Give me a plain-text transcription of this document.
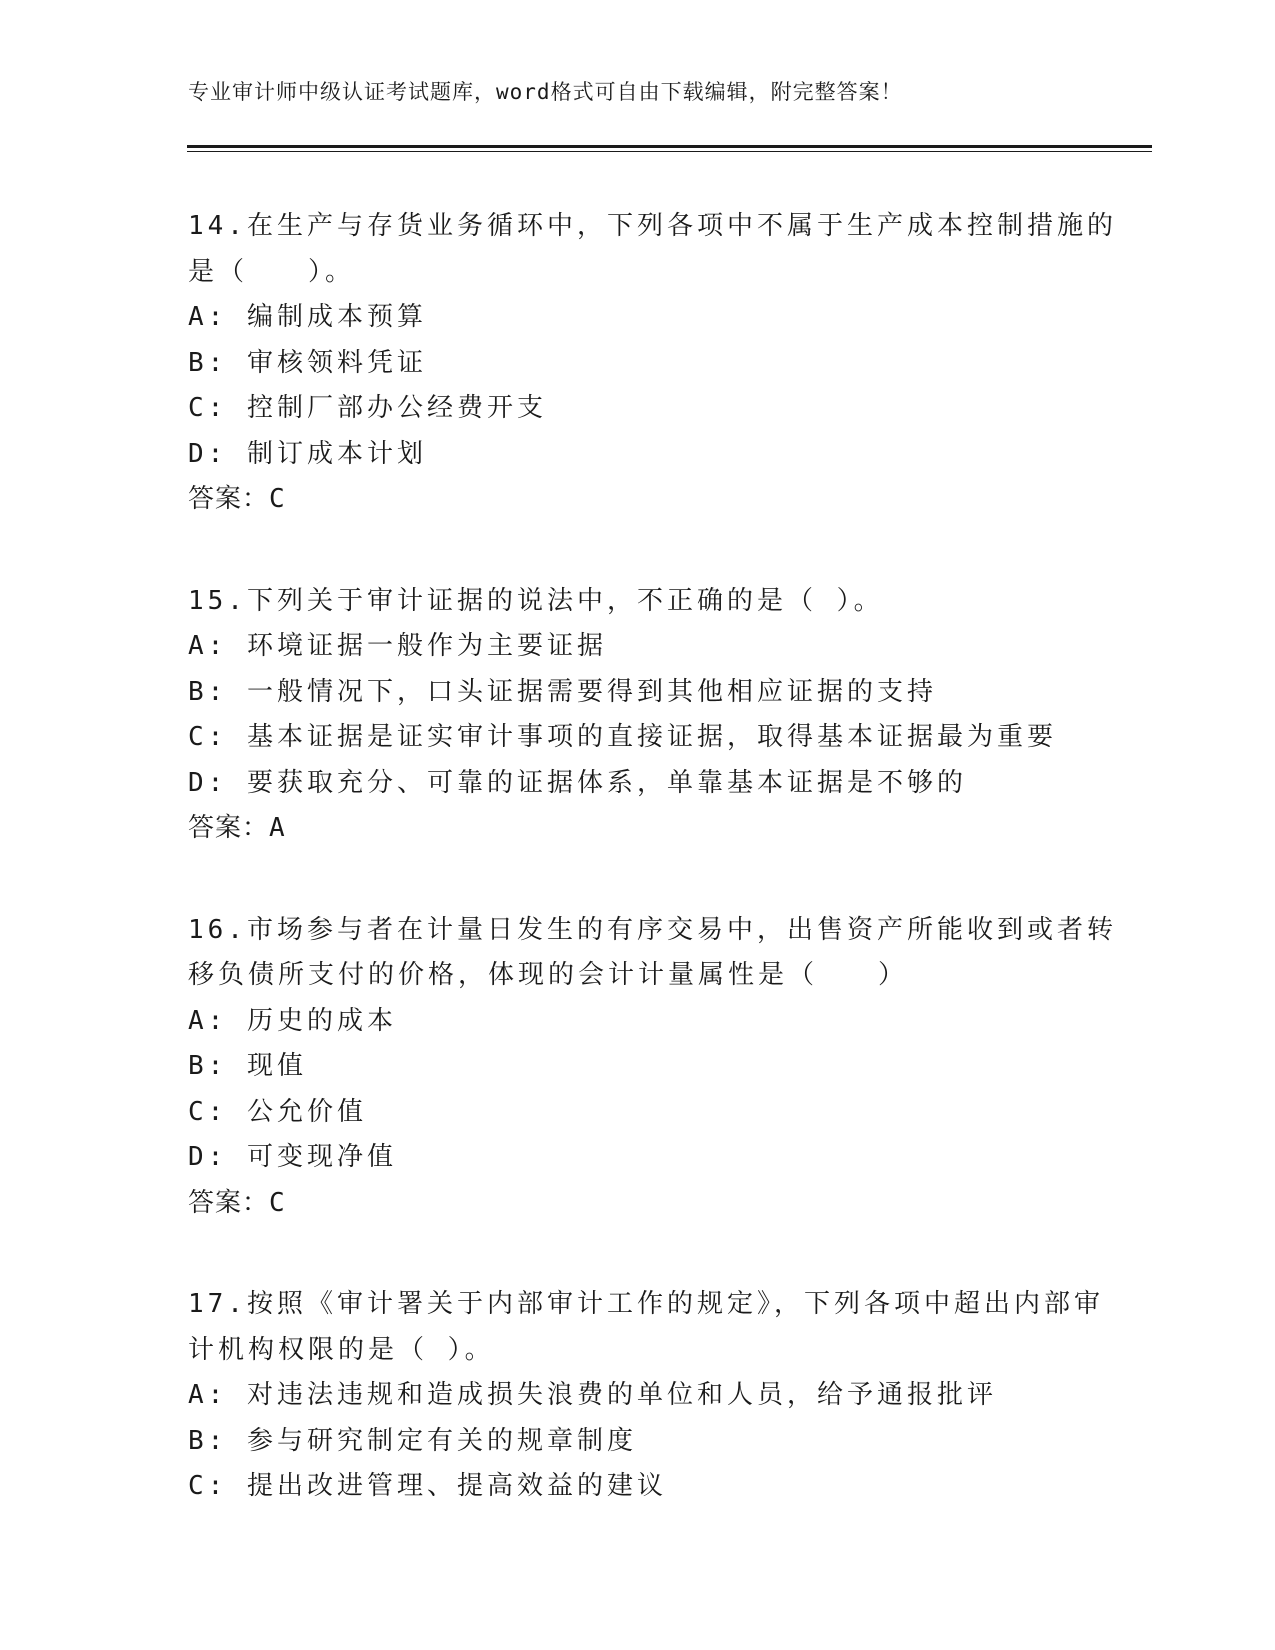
专业审计师中级认证考试题库，word格式可自由下载编辑，附完整答案！
14.在生产与存货业务循环中，下列各项中不属于生产成本控制措施的
是（　　）。
A: 编制成本预算
B: 审核领料凭证
C: 控制厂部办公经费开支
D: 制订成本计划
答案：C
15.下列关于审计证据的说法中，不正确的是（ ）。
A: 环境证据一般作为主要证据
B: 一般情况下，口头证据需要得到其他相应证据的支持
C: 基本证据是证实审计事项的直接证据，取得基本证据最为重要
D: 要获取充分、可靠的证据体系，单靠基本证据是不够的
答案：A
16.市场参与者在计量日发生的有序交易中，出售资产所能收到或者转
移负债所支付的价格，体现的会计计量属性是（　　）
A: 历史的成本
B: 现值
C: 公允价值
D: 可变现净值
答案：C
17.按照《审计署关于内部审计工作的规定》，下列各项中超出内部审
计机构权限的是（ ）。
A: 对违法违规和造成损失浪费的单位和人员，给予通报批评
B: 参与研究制定有关的规章制度
C: 提出改进管理、提高效益的建议
